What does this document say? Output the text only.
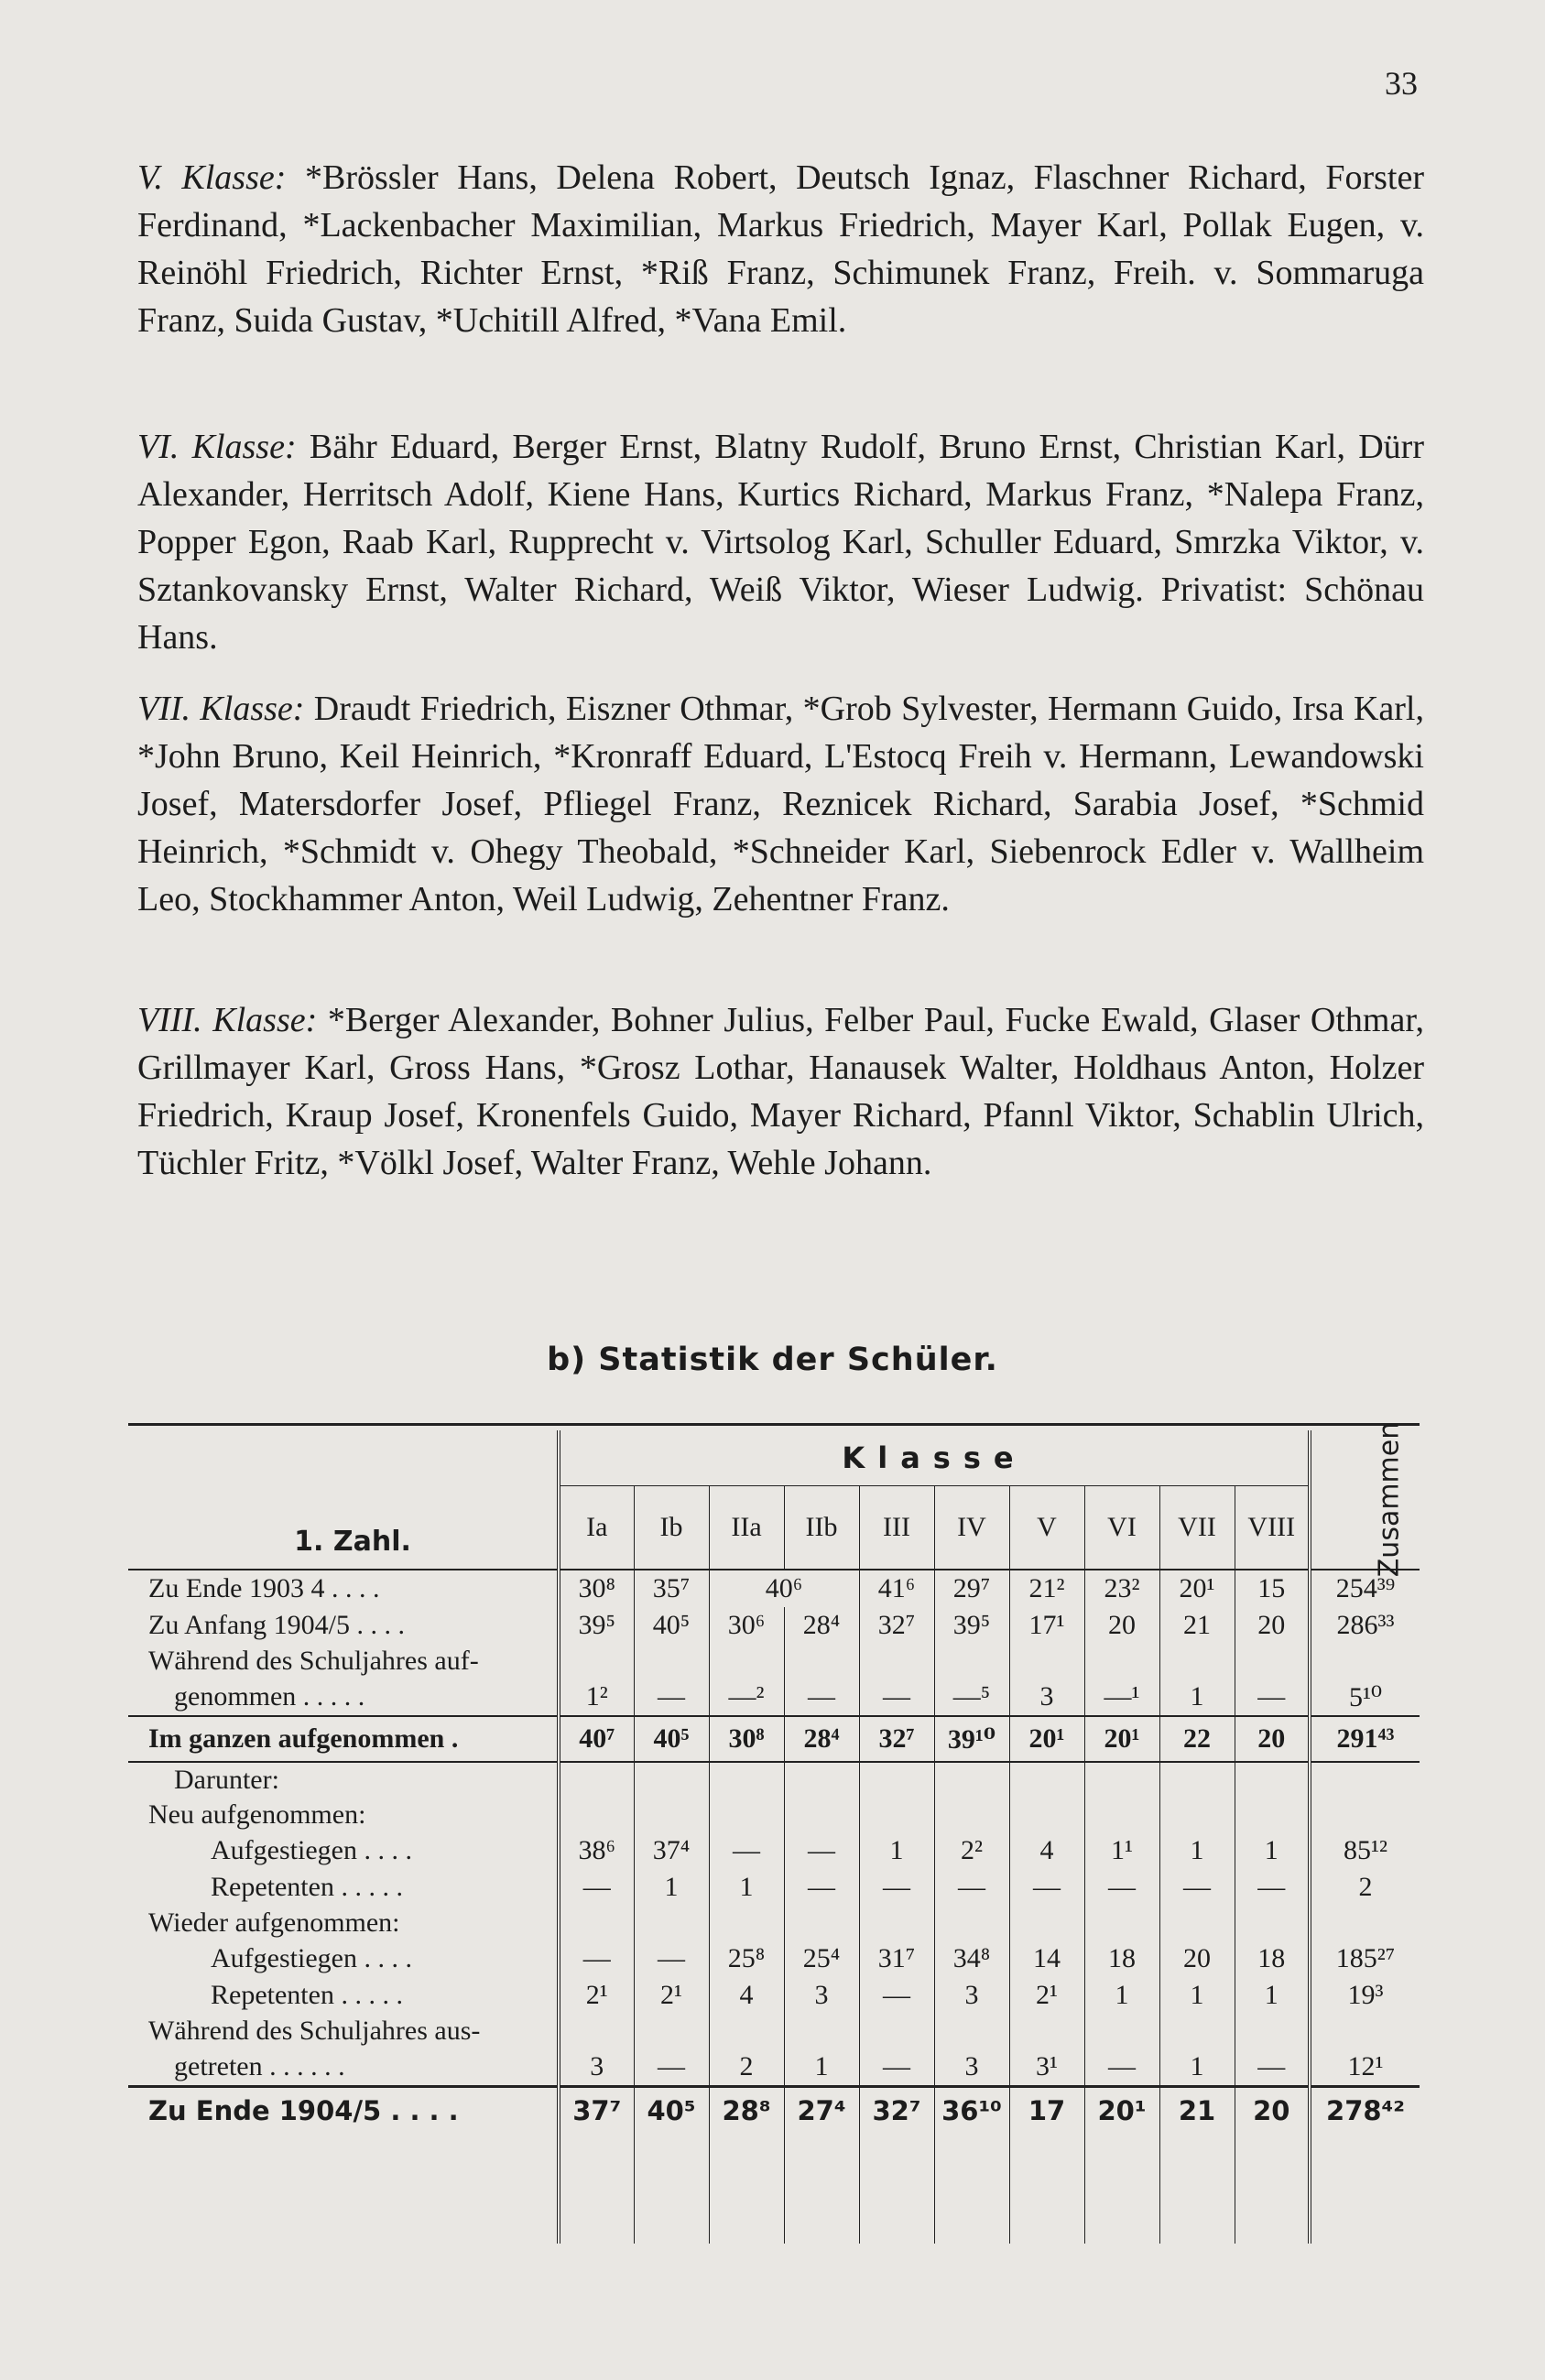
33

V. Klasse: *Brössler Hans, Delena Robert, Deutsch Ignaz, Flaschner Richard, Forster Ferdinand, *Lackenbacher Maximilian, Markus Friedrich, Mayer Karl, Pollak Eugen, v. Reinöhl Friedrich, Richter Ernst, *Riß Franz, Schimunek Franz, Freih. v. Sommaruga Franz, Suida Gustav, *Uchitill Alfred, *Vana Emil.

VI. Klasse: Bähr Eduard, Berger Ernst, Blatny Rudolf, Bruno Ernst, Christian Karl, Dürr Alexander, Herritsch Adolf, Kiene Hans, Kurtics Richard, Markus Franz, *Nalepa Franz, Popper Egon, Raab Karl, Rupprecht v. Virtsolog Karl, Schuller Eduard, Smrzka Viktor, v. Sztankovansky Ernst, Walter Richard, Weiß Viktor, Wieser Ludwig. Privatist: Schönau Hans.

VII. Klasse: Draudt Friedrich, Eiszner Othmar, *Grob Sylvester, Hermann Guido, Irsa Karl, *John Bruno, Keil Heinrich, *Kronraff Eduard, L'Estocq Freih v. Hermann, Lewandowski Josef, Matersdorfer Josef, Pfliegel Franz, Reznicek Richard, Sarabia Josef, *Schmid Heinrich, *Schmidt v. Ohegy Theobald, *Schneider Karl, Siebenrock Edler v. Wallheim Leo, Stockhammer Anton, Weil Ludwig, Zehentner Franz.

VIII. Klasse: *Berger Alexander, Bohner Julius, Felber Paul, Fucke Ewald, Glaser Othmar, Grillmayer Karl, Gross Hans, *Grosz Lothar, Hanausek Walter, Holdhaus Anton, Holzer Friedrich, Kraup Josef, Kronenfels Guido, Mayer Richard, Pfannl Viktor, Schablin Ulrich, Tüchler Fritz, *Völkl Josef, Walter Franz, Wehle Johann.

b) Statistik der Schüler.
1. Zahl.	Klasse										Zusammen
	Ia	Ib	IIa	IIb	III	IV	V	VI	VII	VIII	
Zu Ende 1903 4 . . . .	30⁸	35⁷	40⁶		41⁶	29⁷	21²	23²	20¹	15	254³⁹
Zu Anfang 1904/5 . . . .	39⁵	40⁵	30⁶	28⁴	32⁷	39⁵	17¹	20	21	20	286³³
Während des Schuljahres auf-											
genommen . . . . .	1²	—	—²	—	—	—⁵	3	—¹	1	—	5¹⁰
Im ganzen aufgenommen .	40⁷	40⁵	30⁸	28⁴	32⁷	39¹⁰	20¹	20¹	22	20	291⁴³
Darunter:											
Neu aufgenommen:											
Aufgestiegen . . . .	38⁶	37⁴	—	—	1	2²	4	1¹	1	1	85¹²
Repetenten . . . . .	—	1	1	—	—	—	—	—	—	—	2
Wieder aufgenommen:											
Aufgestiegen . . . .	—	—	25⁸	25⁴	31⁷	34⁸	14	18	20	18	185²⁷
Repetenten . . . . .	2¹	2¹	4	3	—	3	2¹	1	1	1	19³
Während des Schuljahres aus-											
getreten . . . . . .	3	—	2	1	—	3	3¹	—	1	—	12¹
Zu Ende 1904/5 . . . .	37⁷	40⁵	28⁸	27⁴	32⁷	36¹⁰	17	20¹	21	20	278⁴²
